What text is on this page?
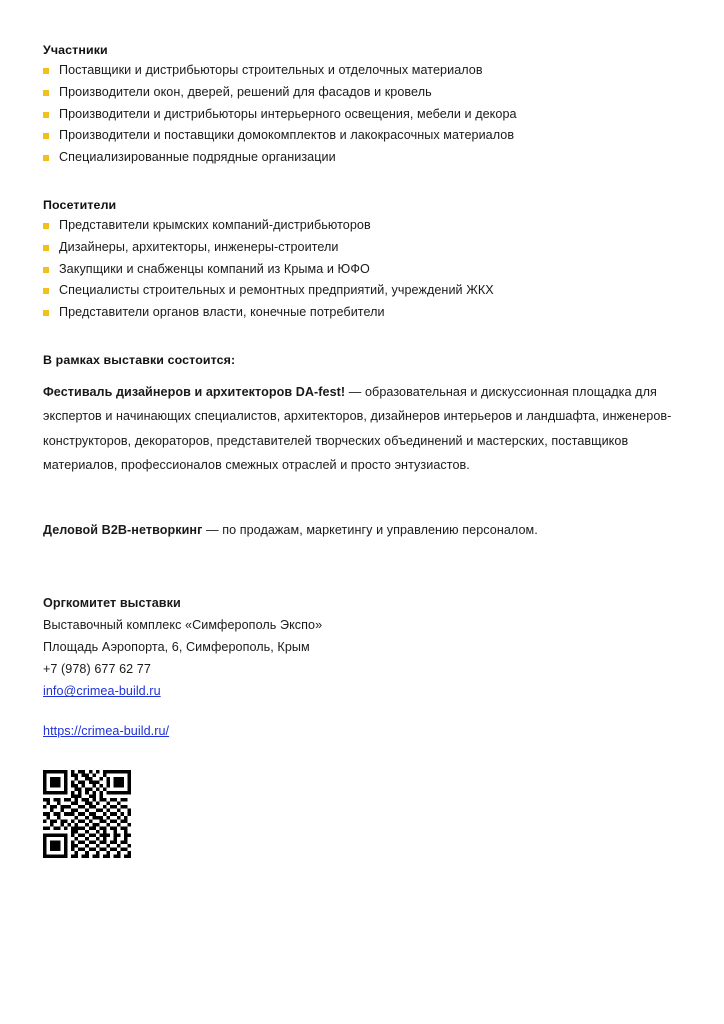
Участники
Поставщики и дистрибьюторы строительных и отделочных материалов
Производители окон, дверей, решений для фасадов и кровель
Производители и дистрибьюторы интерьерного освещения, мебели и декора
Производители и поставщики домокомплектов и лакокрасочных материалов
Специализированные подрядные организации
Посетители
Представители крымских компаний-дистрибьюторов
Дизайнеры, архитекторы, инженеры-строители
Закупщики и снабженцы компаний из Крыма и ЮФО
Специалисты строительных и ремонтных предприятий, учреждений ЖКХ
Представители органов власти, конечные потребители
В рамках выставки состоится:

Фестиваль дизайнеров и архитекторов DA-fest! — образовательная и дискуссионная площадка для экспертов и начинающих специалистов, архитекторов, дизайнеров интерьеров и ландшафта, инженеров-конструкторов, декораторов, представителей творческих объединений и мастерских, поставщиков материалов, профессионалов смежных отраслей и просто энтузиастов.

Деловой B2B-нетворкинг — по продажам, маркетингу и управлению персоналом.

Оргкомитет выставки
Выставочный комплекс «Симферополь Экспо»
Площадь Аэропорта, 6, Симферополь, Крым
+7 (978) 677 62 77
info@crimea-build.ru
https://crimea-build.ru/
